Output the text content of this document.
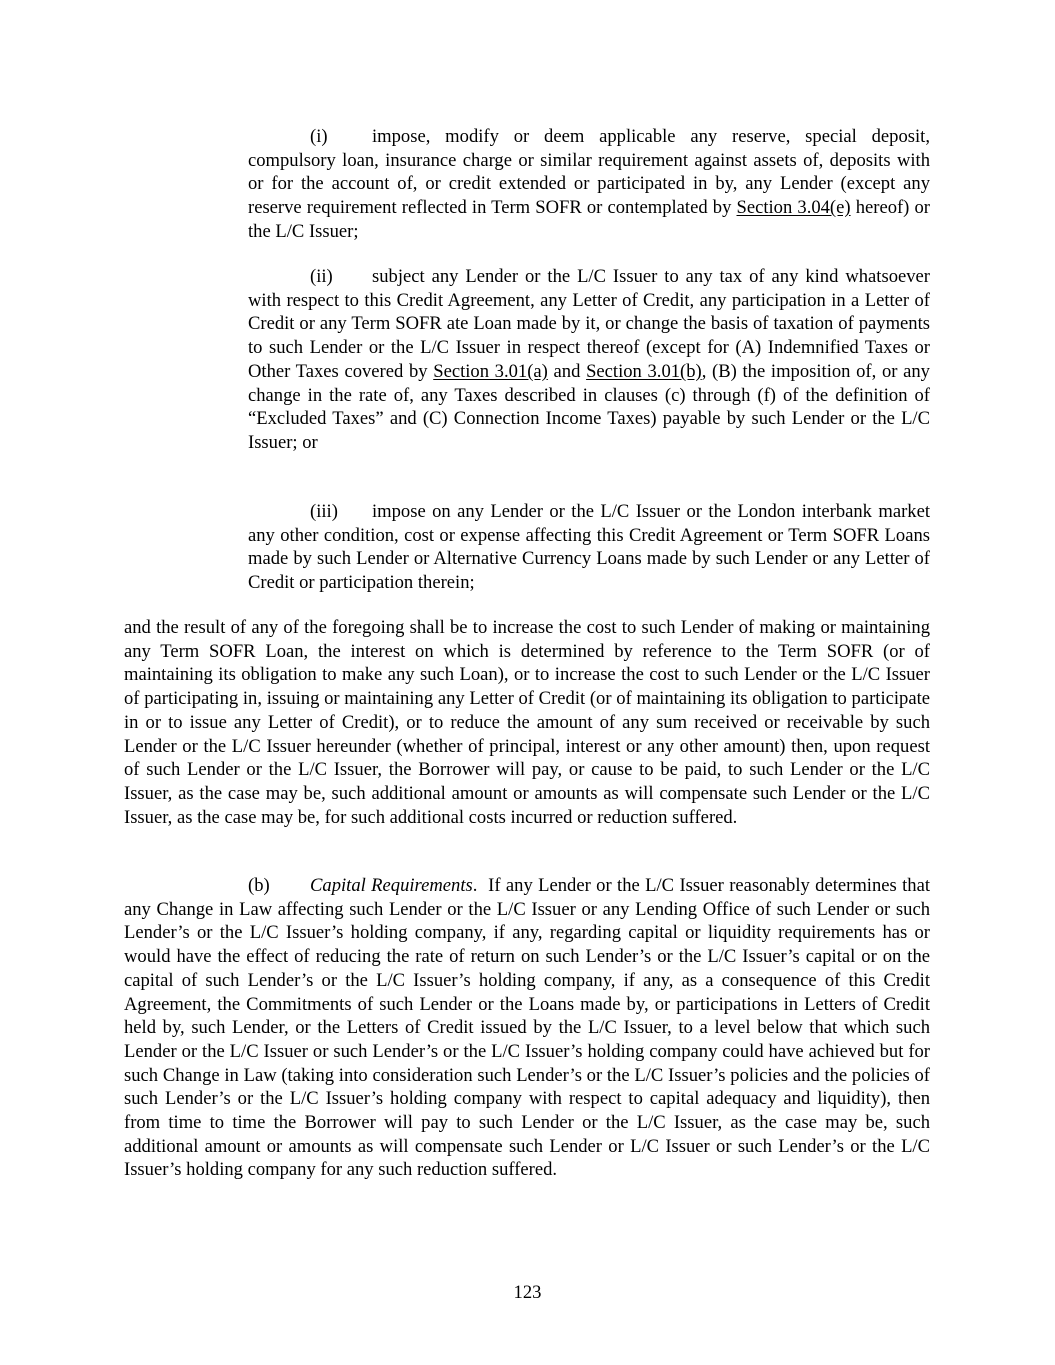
(i) impose, modify or deem applicable any reserve, special deposit, compulsory loan, insurance charge or similar requirement against assets of, deposits with or for the account of, or credit extended or participated in by, any Lender (except any reserve requirement reflected in Term SOFR or contemplated by Section 3.04(e) hereof) or the L/C Issuer;

(ii) subject any Lender or the L/C Issuer to any tax of any kind whatsoever with respect to this Credit Agreement, any Letter of Credit, any participation in a Letter of Credit or any Term SOFR ate Loan made by it, or change the basis of taxation of payments to such Lender or the L/C Issuer in respect thereof (except for (A) Indemnified Taxes or Other Taxes covered by Section 3.01(a) and Section 3.01(b), (B) the imposition of, or any change in the rate of, any Taxes described in clauses (c) through (f) of the definition of “Excluded Taxes” and (C) Connection Income Taxes) payable by such Lender or the L/C Issuer; or

(iii) impose on any Lender or the L/C Issuer or the London interbank market any other condition, cost or expense affecting this Credit Agreement or Term SOFR Loans made by such Lender or Alternative Currency Loans made by such Lender or any Letter of Credit or participation therein;

and the result of any of the foregoing shall be to increase the cost to such Lender of making or maintaining any Term SOFR Loan, the interest on which is determined by reference to the Term SOFR (or of maintaining its obligation to make any such Loan), or to increase the cost to such Lender or the L/C Issuer of participating in, issuing or maintaining any Letter of Credit (or of maintaining its obligation to participate in or to issue any Letter of Credit), or to reduce the amount of any sum received or receivable by such Lender or the L/C Issuer hereunder (whether of principal, interest or any other amount) then, upon request of such Lender or the L/C Issuer, the Borrower will pay, or cause to be paid, to such Lender or the L/C Issuer, as the case may be, such additional amount or amounts as will compensate such Lender or the L/C Issuer, as the case may be, for such additional costs incurred or reduction suffered.

(b) Capital Requirements. If any Lender or the L/C Issuer reasonably determines that any Change in Law affecting such Lender or the L/C Issuer or any Lending Office of such Lender or such Lender’s or the L/C Issuer’s holding company, if any, regarding capital or liquidity requirements has or would have the effect of reducing the rate of return on such Lender’s or the L/C Issuer’s capital or on the capital of such Lender’s or the L/C Issuer’s holding company, if any, as a consequence of this Credit Agreement, the Commitments of such Lender or the Loans made by, or participations in Letters of Credit held by, such Lender, or the Letters of Credit issued by the L/C Issuer, to a level below that which such Lender or the L/C Issuer or such Lender’s or the L/C Issuer’s holding company could have achieved but for such Change in Law (taking into consideration such Lender’s or the L/C Issuer’s policies and the policies of such Lender’s or the L/C Issuer’s holding company with respect to capital adequacy and liquidity), then from time to time the Borrower will pay to such Lender or the L/C Issuer, as the case may be, such additional amount or amounts as will compensate such Lender or L/C Issuer or such Lender’s or the L/C Issuer’s holding company for any such reduction suffered.

123
